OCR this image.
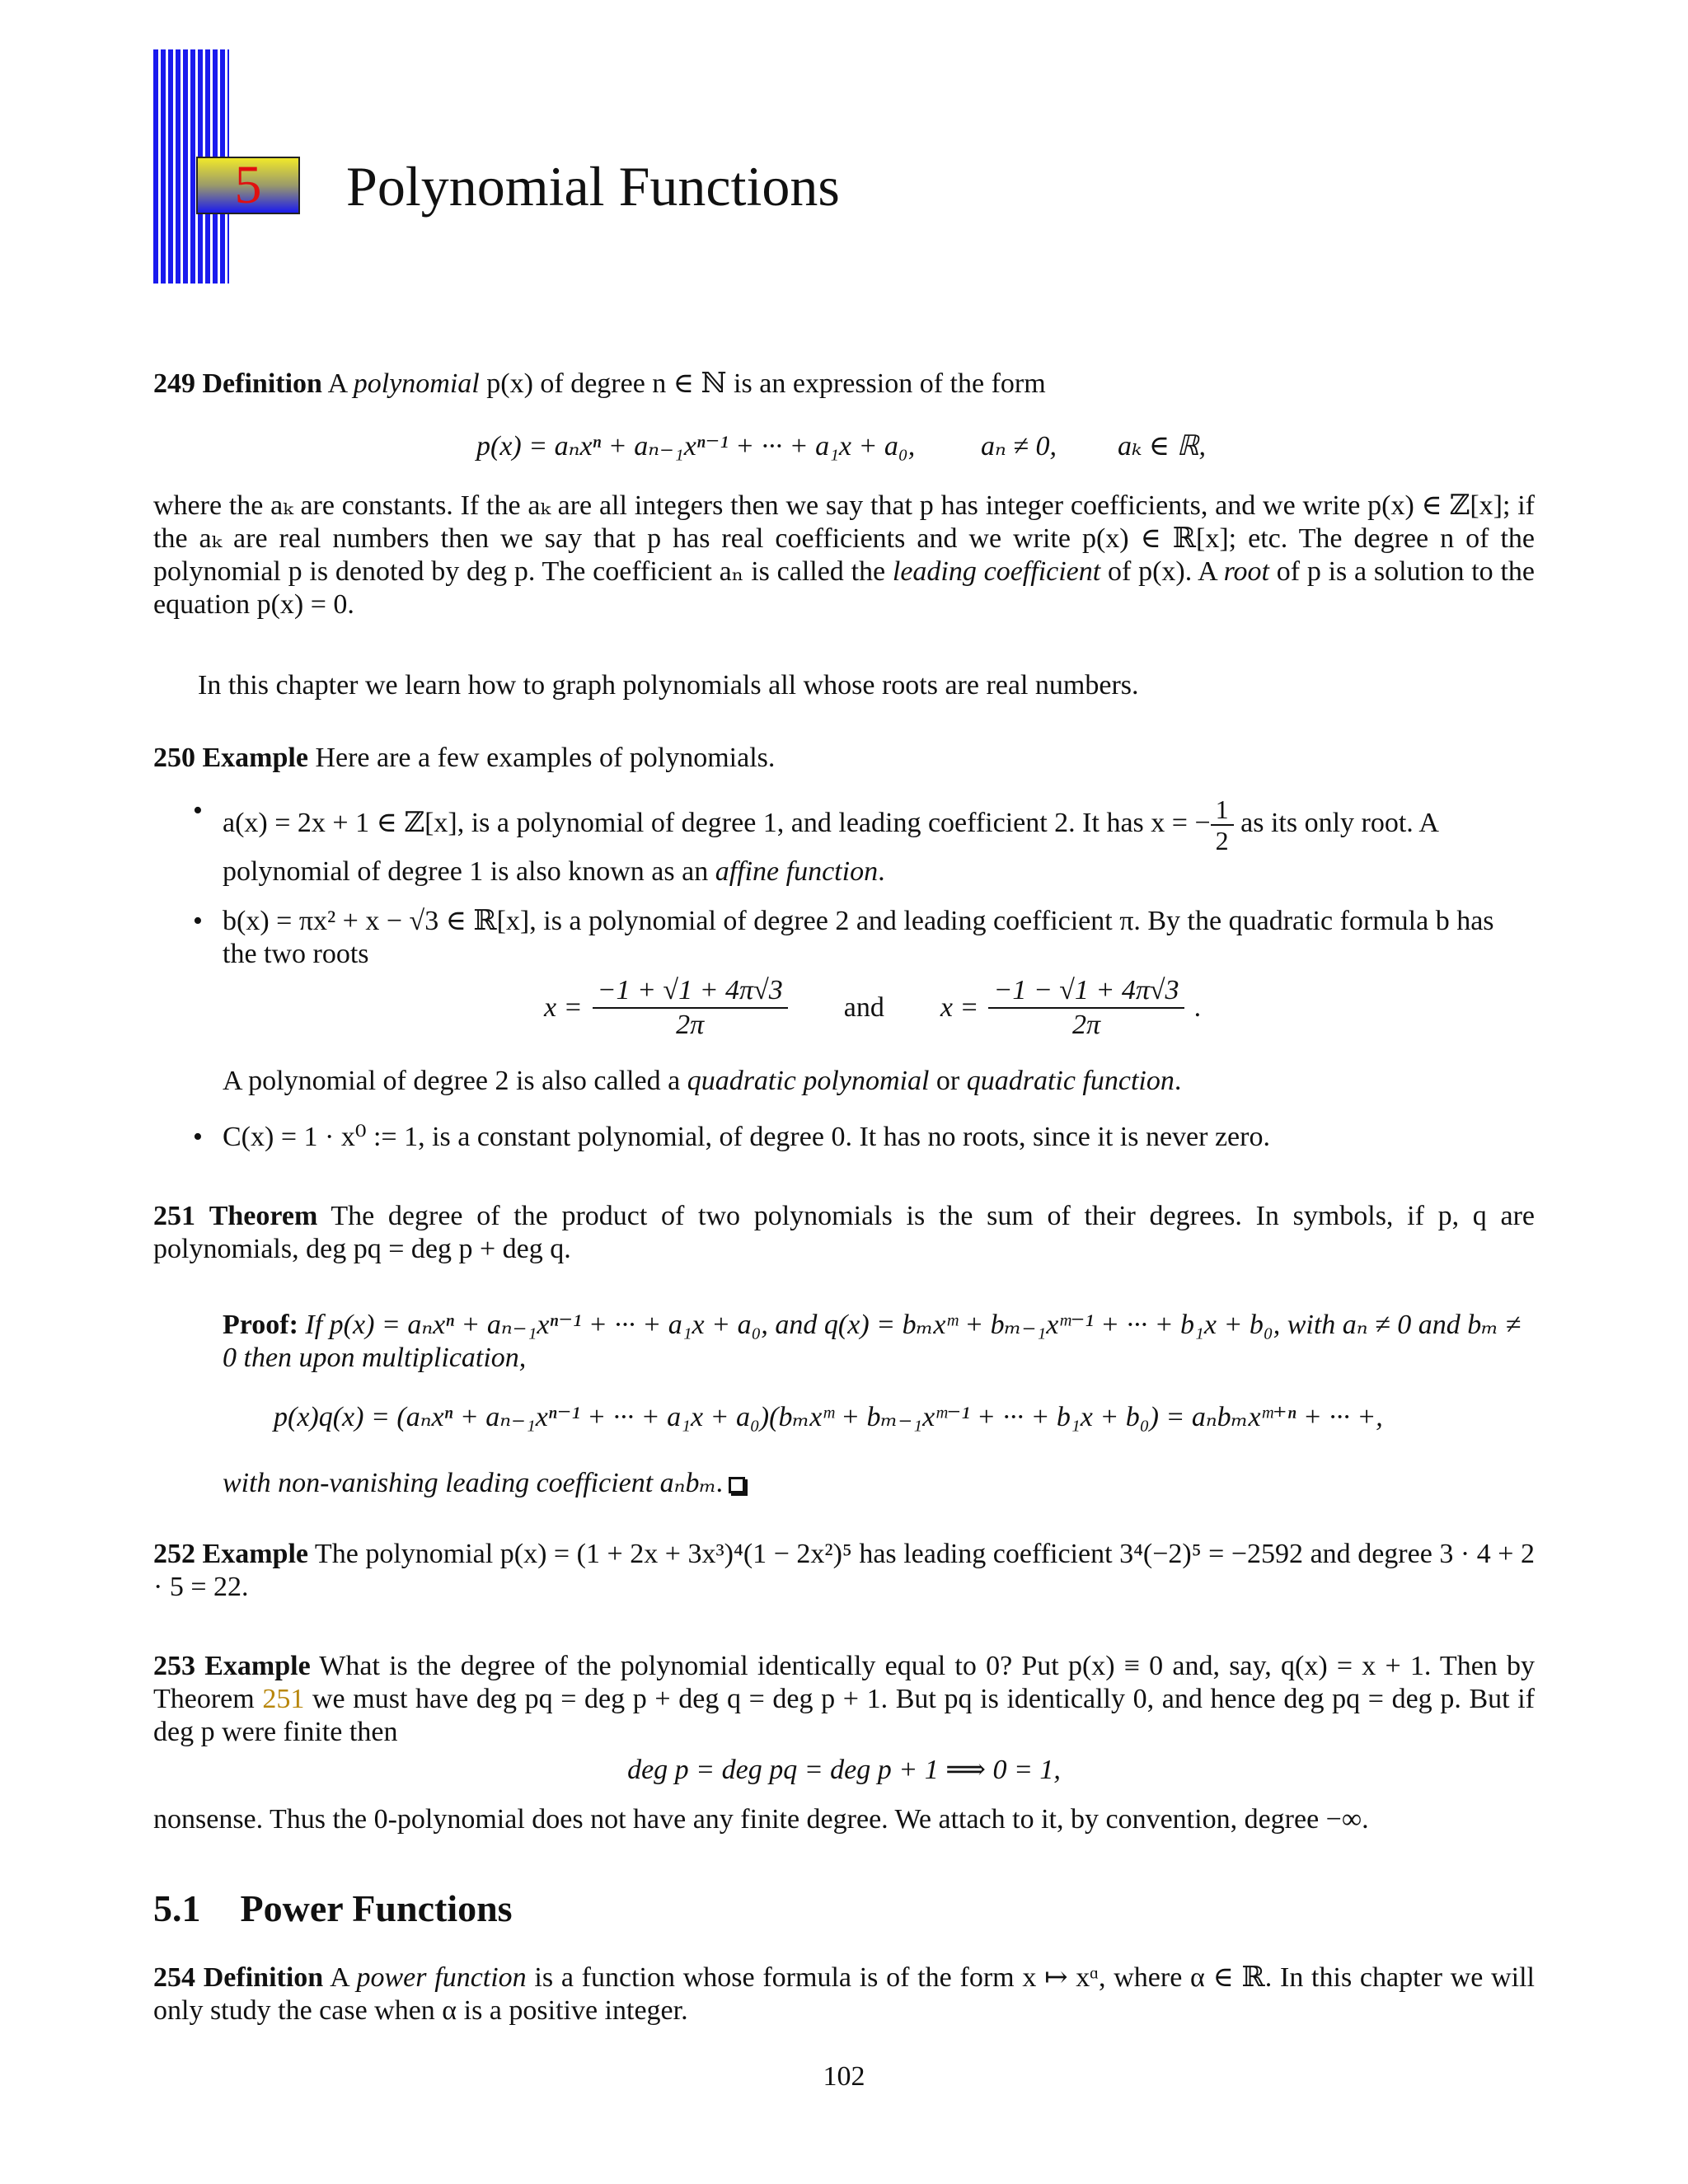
5 Polynomial Functions

249 Definition A polynomial p(x) of degree n ∈ ℕ is an expression of the form

p(x) = aₙxⁿ + aₙ₋₁xⁿ⁻¹ + ··· + a₁x + a₀, aₙ ≠ 0, aₖ ∈ ℝ,

where the aₖ are constants. If the aₖ are all integers then we say that p has integer coefficients, and we write p(x) ∈ ℤ[x]; if the aₖ are real numbers then we say that p has real coefficients and we write p(x) ∈ ℝ[x]; etc. The degree n of the polynomial p is denoted by deg p. The coefficient aₙ is called the leading coefficient of p(x). A root of p is a solution to the equation p(x) = 0.

In this chapter we learn how to graph polynomials all whose roots are real numbers.

250 Example Here are a few examples of polynomials.

• a(x) = 2x + 1 ∈ ℤ[x], is a polynomial of degree 1, and leading coefficient 2. It has x = − $\frac{1}{2}$ as its only root. A polynomial of degree 1 is also known as an affine function.
• b(x) = πx² + x − √3 ∈ ℝ[x], is a polynomial of degree 2 and leading coefficient π. By the quadratic formula b has the two roots
$x = \frac{-1 + √1 + 4\pi√3}{2\pi}$ and $x = \frac{-1 - √1 + 4\pi√3}{2\pi}$ .
A polynomial of degree 2 is also called a quadratic polynomial or quadratic function.
• C(x) = 1 · x⁰ := 1, is a constant polynomial, of degree 0. It has no roots, since it is never zero.

251 Theorem The degree of the product of two polynomials is the sum of their degrees. In symbols, if p, q are polynomials, deg pq = deg p + deg q.

Proof: If p(x) = aₙxⁿ + aₙ₋₁xⁿ⁻¹ + ··· + a₁x + a₀, and q(x) = bₘxᵐ + bₘ₋₁xᵐ⁻¹ + ··· + b₁x + b₀, with aₙ ≠ 0 and bₘ ≠ 0 then upon multiplication,

p(x)q(x) = (aₙxⁿ + aₙ₋₁xⁿ⁻¹ + ··· + a₁x + a₀)(bₘxᵐ + bₘ₋₁xᵐ⁻¹ + ··· + b₁x + b₀) = aₙbₘxᵐ⁺ⁿ + ··· +,

with non-vanishing leading coefficient aₙbₘ.

252 Example The polynomial p(x) = (1 + 2x + 3x³)⁴(1 − 2x²)⁵ has leading coefficient 3⁴(−2)⁵ = −2592 and degree 3 · 4 + 2 · 5 = 22.

253 Example What is the degree of the polynomial identically equal to 0? Put p(x) ≡ 0 and, say, q(x) = x + 1. Then by Theorem 251 we must have deg pq = deg p + deg q = deg p + 1. But pq is identically 0, and hence deg pq = deg p. But if deg p were finite then

deg p = deg pq = deg p + 1 ⟹ 0 = 1,

nonsense. Thus the 0-polynomial does not have any finite degree. We attach to it, by convention, degree −∞.

5.1 Power Functions

254 Definition A power function is a function whose formula is of the form x ↦ xᵅ, where α ∈ ℝ. In this chapter we will only study the case when α is a positive integer.

102
